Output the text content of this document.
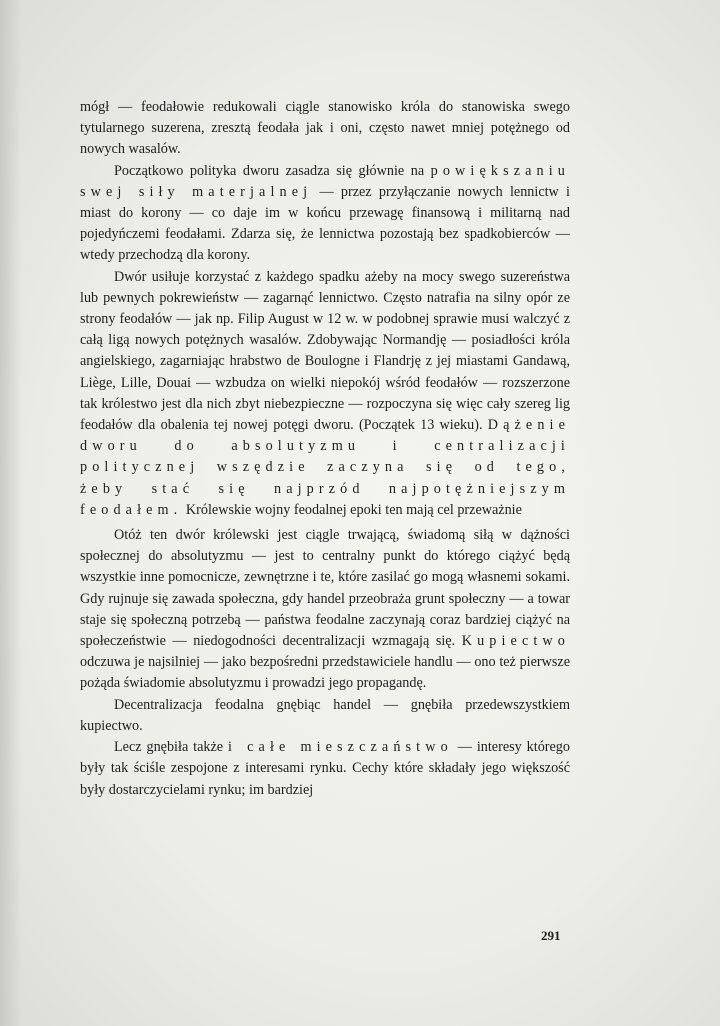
mógł — feodałowie redukowali ciągle stanowisko króla do stanowiska swego tytularnego suzerena, zresztą feodała jak i oni, często nawet mniej potężnego od nowych wasalów.

Początkowo polityka dworu zasadza się głównie na powiększaniu swej siły materjalnej — przez przyłączanie nowych lennictw i miast do korony — co daje im w końcu przewagę finansową i militarną nad pojedyńczemi feodałami. Zdarza się, że lennictwa pozostają bez spadkobierców — wtedy przechodzą dla korony.

Dwór usiłuje korzystać z każdego spadku ażeby na mocy swego suzereństwa lub pewnych pokrewieństw — zagarnąć lennictwo. Często natrafia na silny opór ze strony feodałów — jak np. Filip August w 12 w. w podobnej sprawie musi walczyć z całą ligą nowych potężnych wasalów. Zdobywając Normandję — posiadłości króla angielskiego, zagarniając hrabstwo de Boulogne i Flandrję z jej miastami Gandawą, Liège, Lille, Douai — wzbudza on wielki niepokój wśród feodałów — rozszerzone tak królestwo jest dla nich zbyt niebezpieczne — rozpoczyna się więc cały szereg lig feodałów dla obalenia tej nowej potęgi dworu. (Początek 13 wieku). Dążenie dworu do absolutyzmu i centralizacji politycznej wszędzie zaczyna się od tego, żeby stać się najprzód najpotężniejszym feodałem. Królewskie wojny feodalnej epoki ten mają cel przeważnie

Otóż ten dwór królewski jest ciągle trwającą, świadomą siłą w dążności społecznej do absolutyzmu — jest to centralny punkt do którego ciążyć będą wszystkie inne pomocnicze, zewnętrzne i te, które zasilać go mogą własnemi sokami. Gdy rujnuje się zawada społeczna, gdy handel przeobraża grunt społeczny — a towar staje się społeczną potrzebą — państwa feodalne zaczynają coraz bardziej ciążyć na społeczeństwie — niedogodności decentralizacji wzmagają się. Kupiectwo odczuwa je najsilniej — jako bezpośredni przedstawiciele handlu — ono też pierwsze pożąda świadomie absolutyzmu i prowadzi jego propagandę.

Decentralizacja feodalna gnębiąc handel — gnębiła przedewszystkiem kupiectwo.

Lecz gnębiła także i całe mieszczaństwo — interesy którego były tak ściśle zespojone z interesami rynku. Cechy które składały jego większość były dostarczycielami rynku; im bardziej

291
